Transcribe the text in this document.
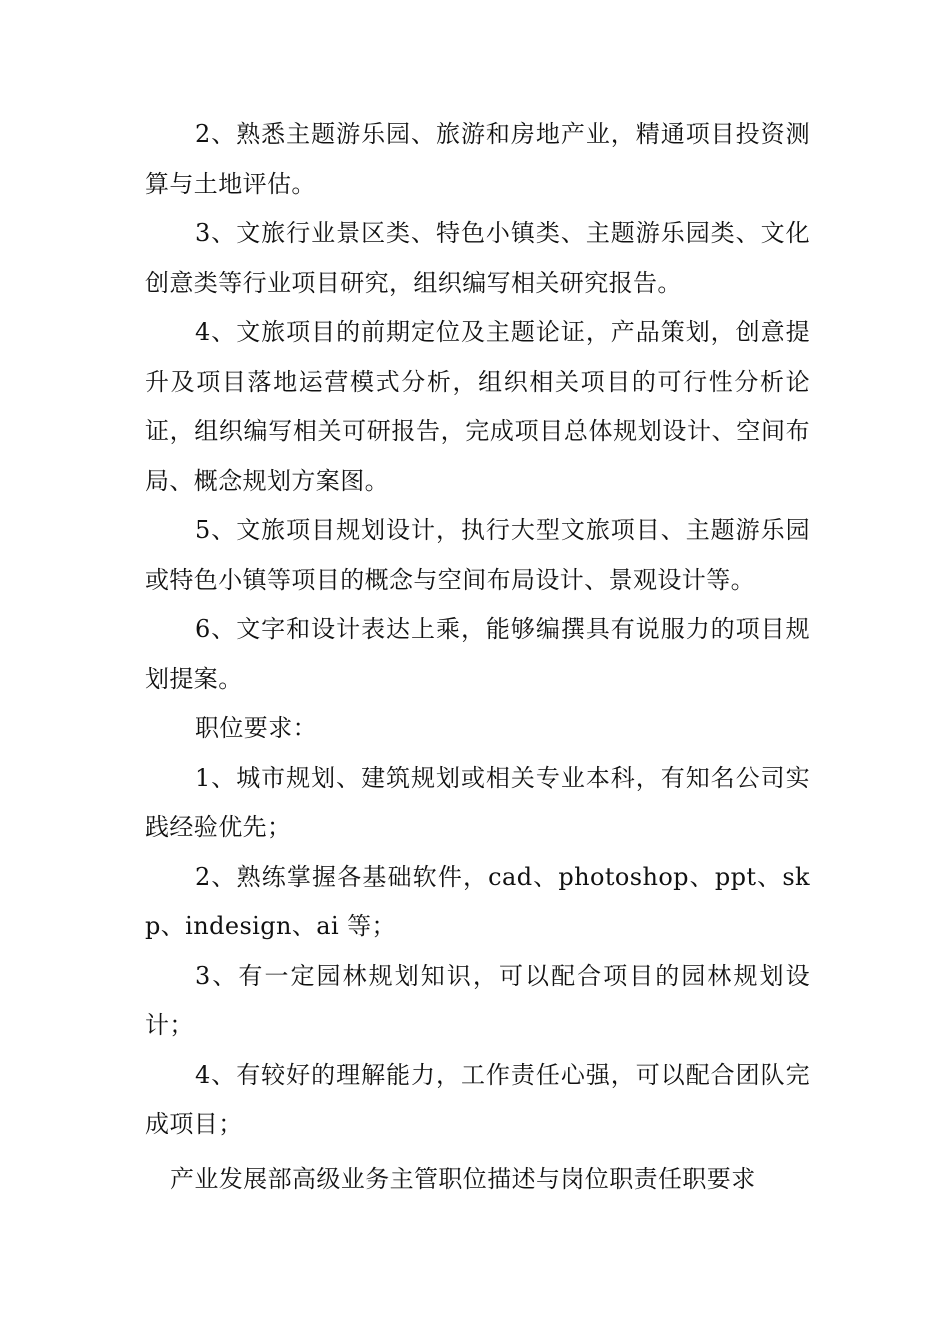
2、熟悉主题游乐园、旅游和房地产业，精通项目投资测算与土地评估。

3、文旅行业景区类、特色小镇类、主题游乐园类、文化创意类等行业项目研究，组织编写相关研究报告。

4、文旅项目的前期定位及主题论证，产品策划，创意提升及项目落地运营模式分析，组织相关项目的可行性分析论证，组织编写相关可研报告，完成项目总体规划设计、空间布局、概念规划方案图。

5、文旅项目规划设计，执行大型文旅项目、主题游乐园或特色小镇等项目的概念与空间布局设计、景观设计等。

6、文字和设计表达上乘，能够编撰具有说服力的项目规划提案。

职位要求：

1、城市规划、建筑规划或相关专业本科，有知名公司实践经验优先；

2、熟练掌握各基础软件，cad、photoshop、ppt、skp、indesign、ai 等；

3、有一定园林规划知识，可以配合项目的园林规划设计；

4、有较好的理解能力，工作责任心强，可以配合团队完成项目；

产业发展部高级业务主管职位描述与岗位职责任职要求
